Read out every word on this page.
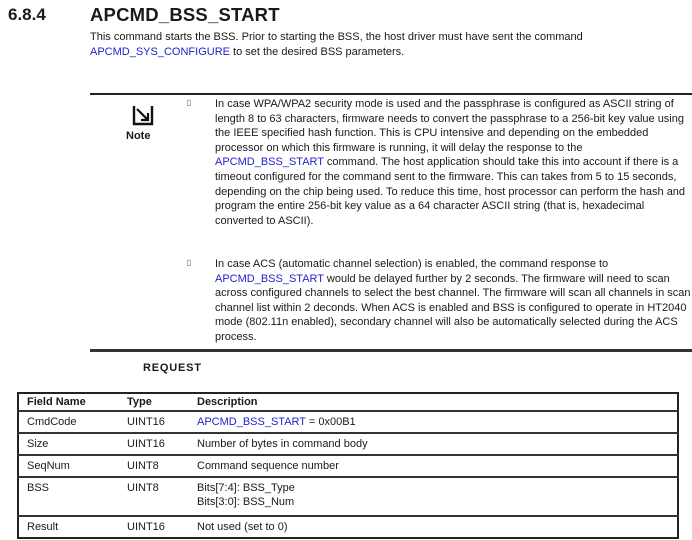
6.8.4 APCMD_BSS_START
This command starts the BSS. Prior to starting the BSS, the host driver must have sent the command APCMD_SYS_CONFIGURE to set the desired BSS parameters.
Note
▯ In case WPA/WPA2 security mode is used and the passphrase is configured as ASCII string of length 8 to 63 characters, firmware needs to convert the passphrase to a 256-bit key value using the IEEE specified hash function. This is CPU intensive and depending on the embedded processor on which this firmware is running, it will delay the response to the APCMD_BSS_START command. The host application should take this into account if there is a timeout configured for the command sent to the firmware. This can takes from 5 to 15 seconds, depending on the chip being used. To reduce this time, host processor can perform the hash and program the entire 256-bit key value as a 64 character ASCII string (that is, hexadecimal converted to ASCII).
▯ In case ACS (automatic channel selection) is enabled, the command response to APCMD_BSS_START would be delayed further by 2 seconds. The firmware will need to scan across configured channels to select the best channel. The firmware will scan all channels in scan channel list within 2 deconds. When ACS is enabled and BSS is configured to operate in HT2040 mode (802.11n enabled), secondary channel will also be automatically selected during the ACS process.
REQUEST
Field Name	Type	Description
CmdCode	UINT16	APCMD_BSS_START = 0x00B1
Size	UINT16	Number of bytes in command body
SeqNum	UINT8	Command sequence number
BSS	UINT8	Bits[7:4]: BSS_Type
Bits[3:0]: BSS_Num

Result	UINT16	Not used (set to 0)
